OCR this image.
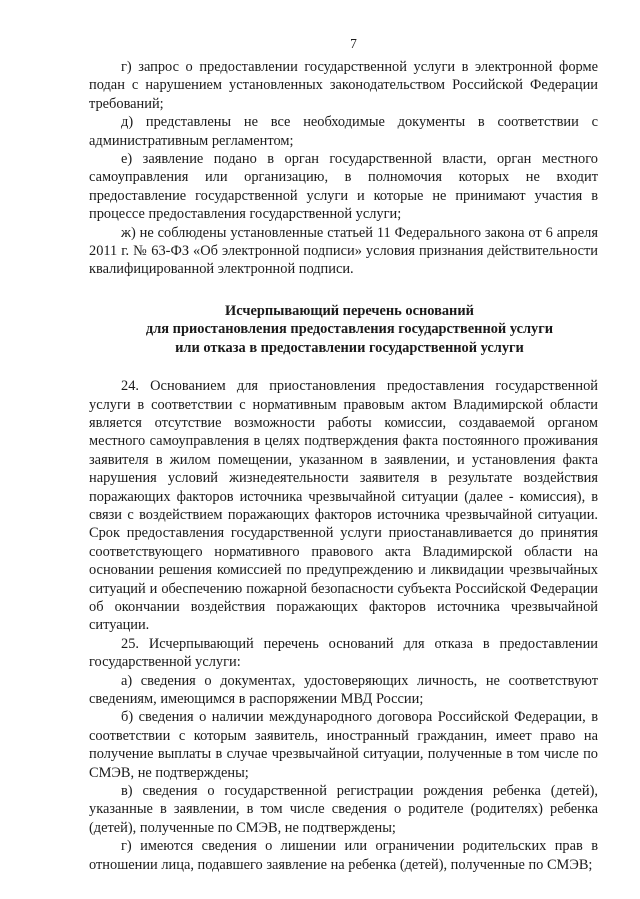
7

г) запрос о предоставлении государственной услуги в электронной форме подан с нарушением установленных законодательством Российской Федерации требований;

д) представлены не все необходимые документы в соответствии с административным регламентом;

е) заявление подано в орган государственной власти, орган местного самоуправления или организацию, в полномочия которых не входит предоставление государственной услуги и которые не принимают участия в процессе предоставления государственной услуги;

ж) не соблюдены установленные статьей 11 Федерального закона от 6 апреля 2011 г. № 63-ФЗ «Об электронной подписи» условия признания действительности квалифицированной электронной подписи.

Исчерпывающий перечень оснований
для приостановления предоставления государственной услуги
или отказа в предоставлении государственной услуги

24. Основанием для приостановления предоставления государственной услуги в соответствии с нормативным правовым актом Владимирской области является отсутствие возможности работы комиссии, создаваемой органом местного самоуправления в целях подтверждения факта постоянного проживания заявителя в жилом помещении, указанном в заявлении, и установления факта нарушения условий жизнедеятельности заявителя в результате воздействия поражающих факторов источника чрезвычайной ситуации (далее - комиссия), в связи с воздействием поражающих факторов источника чрезвычайной ситуации. Срок предоставления государственной услуги приостанавливается до принятия соответствующего нормативного правового акта Владимирской области на основании решения комиссией по предупреждению и ликвидации чрезвычайных ситуаций и обеспечению пожарной безопасности субъекта Российской Федерации об окончании воздействия поражающих факторов источника чрезвычайной ситуации.

25. Исчерпывающий перечень оснований для отказа в предоставлении государственной услуги:

а) сведения о документах, удостоверяющих личность, не соответствуют сведениям, имеющимся в распоряжении МВД России;

б) сведения о наличии международного договора Российской Федерации, в соответствии с которым заявитель, иностранный гражданин, имеет право на получение выплаты в случае чрезвычайной ситуации, полученные в том числе по СМЭВ, не подтверждены;

в) сведения о государственной регистрации рождения ребенка (детей), указанные в заявлении, в том числе сведения о родителе (родителях) ребенка (детей), полученные по СМЭВ, не подтверждены;

г) имеются сведения о лишении или ограничении родительских прав в отношении лица, подавшего заявление на ребенка (детей), полученные по СМЭВ;
